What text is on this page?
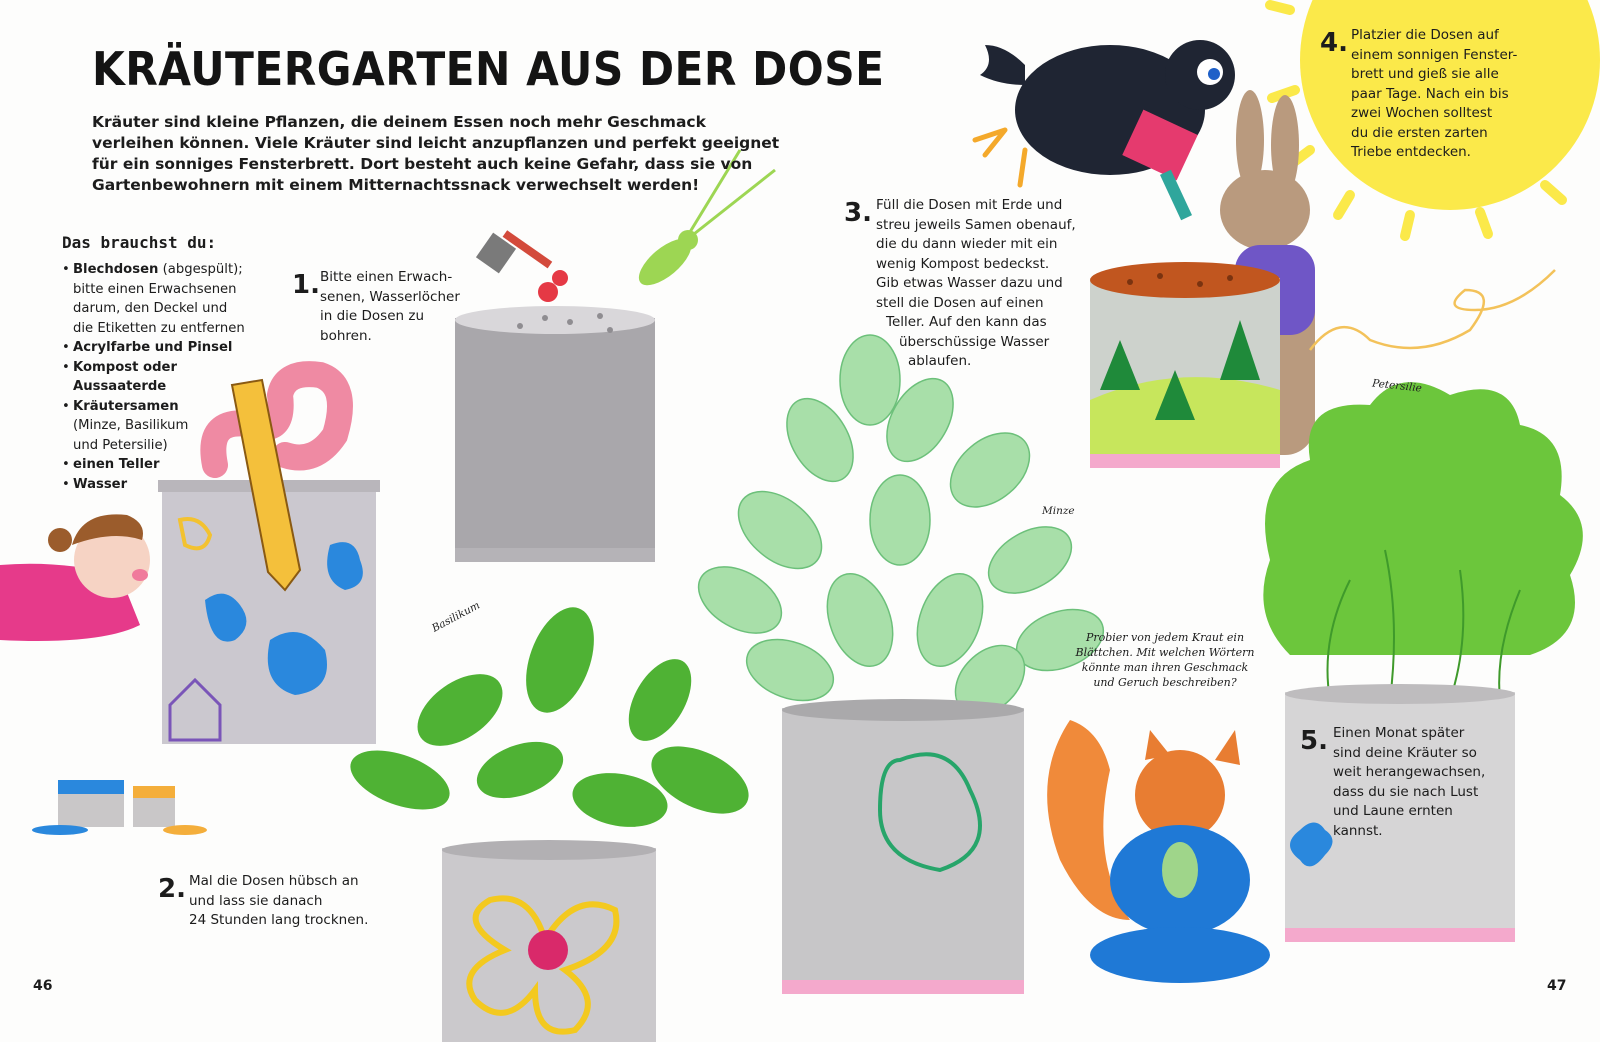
KRÄUTERGARTEN AUS DER DOSE
Kräuter sind kleine Pflanzen, die deinem Essen noch mehr Geschmack
verleihen können. Viele Kräuter sind leicht anzupflanzen und perfekt geeignet
für ein sonniges Fensterbrett. Dort besteht auch keine Gefahr, dass sie von
Gartenbewohnern mit einem Mitternachtssnack verwechselt werden!
Das brauchst du:
• Blechdosen (abgespült);
bitte einen Erwachsenen
darum, den Deckel und
die Etiketten zu entfernen
• Acrylfarbe und Pinsel
• Kompost oder
Aussaaterde
• Kräutersamen
(Minze, Basilikum
und Petersilie)
• einen Teller
• Wasser
1. Bitte einen Erwach-
senen, Wasserlöcher
in die Dosen zu
bohren.
2. Mal die Dosen hübsch an
und lass sie danach
24 Stunden lang trocknen.
3. Füll die Dosen mit Erde und
streu jeweils Samen obenauf,
die du dann wieder mit ein
wenig Kompost bedeckst.
Gib etwas Wasser dazu und
stell die Dosen auf einen
Teller. Auf den kann das
überschüssige Wasser
ablaufen.
4. Platzier die Dosen auf
einem sonnigen Fenster-
brett und gieß sie alle
paar Tage. Nach ein bis
zwei Wochen solltest
du die ersten zarten
Triebe entdecken.
5. Einen Monat später
sind deine Kräuter so
weit herangewachsen,
dass du sie nach Lust
und Laune ernten
kannst.
Basilikum
Minze
Petersilie
Probier von jedem Kraut ein
Blättchen. Mit welchen Wörtern
könnte man ihren Geschmack
und Geruch beschreiben?
46	47
